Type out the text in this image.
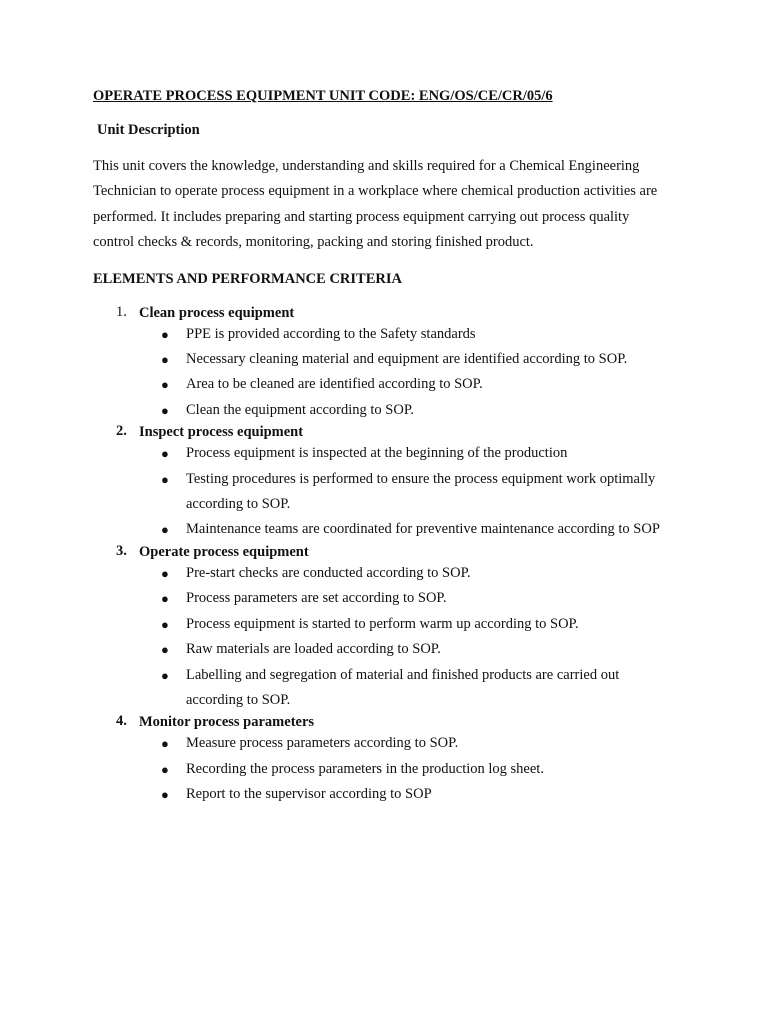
OPERATE PROCESS EQUIPMENT UNIT CODE: ENG/OS/CE/CR/05/6
Unit Description

This unit covers the knowledge, understanding and skills required for a Chemical Engineering Technician to operate process equipment in a workplace where chemical production activities are performed. It includes preparing and starting process equipment carrying out process quality control checks & records, monitoring, packing and storing finished product.

ELEMENTS AND PERFORMANCE CRITERIA
1. Clean process equipment
● PPE is provided according to the Safety standards
● Necessary cleaning material and equipment are identified according to SOP.
● Area to be cleaned are identified according to SOP.
● Clean the equipment according to SOP.
2. Inspect process equipment
● Process equipment is inspected at the beginning of the production
● Testing procedures is performed to ensure the process equipment work optimally according to SOP.
● Maintenance teams are coordinated for preventive maintenance according to SOP
3. Operate process equipment
● Pre-start checks are conducted according to SOP.
● Process parameters are set according to SOP.
● Process equipment is started to perform warm up according to SOP.
● Raw materials are loaded according to SOP.
● Labelling and segregation of material and finished products are carried out according to SOP.
4. Monitor process parameters
● Measure process parameters according to SOP.
● Recording the process parameters in the production log sheet.
● Report to the supervisor according to SOP
